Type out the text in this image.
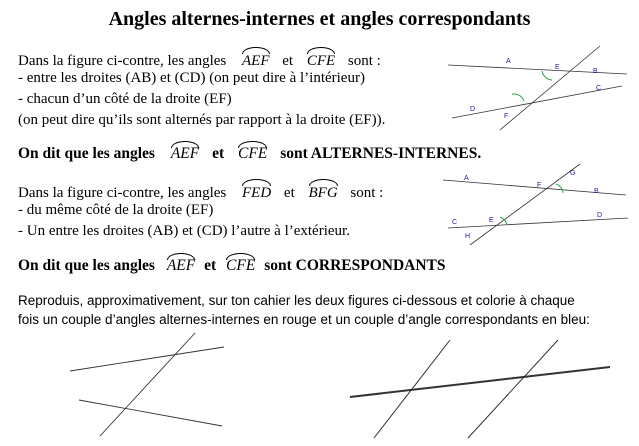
Angles alternes-internes et angles correspondants
Dans la figure ci-contre, les angles AEF et CFE sont :
- entre les droites (AB) et (CD) (on peut dire à l’intérieur)
- chacun d’un côté de la droite (EF)
(on peut dire qu’ils sont alternés par rapport à la droite (EF)).
On dit que les angles AEF et CFE sont ALTERNES-INTERNES.
Dans la figure ci-contre, les angles FED et BFG sont :
- du même côté de la droite (EF)
- Un entre les droites (AB) et (CD) l’autre à l’extérieur.
On dit que les angles AEF et CFE sont CORRESPONDANTS
Reproduis, approximativement, sur ton cahier les deux figures ci-dessous et colorie à chaque
fois un couple d’angles alternes-internes en rouge et un couple d’angle correspondants en bleu:
A
E
B
C
D
F
A
F
G
B
C	E
D
H
